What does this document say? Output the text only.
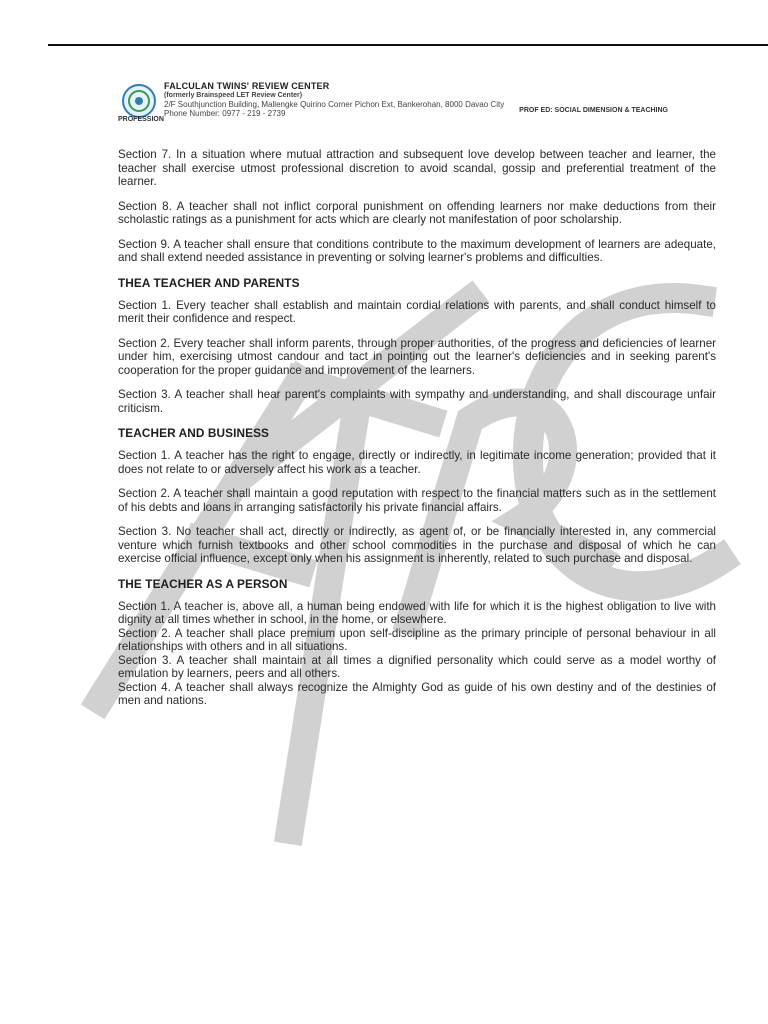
FALCULAN TWINS' REVIEW CENTER
(formerly Brainspeed LET Review Center)
2/F Southjunction Building, Mallengke Quirino Corner Pichon Ext, Bankerohan, 8000 Davao City
Phone Number: 0977 - 219 - 2739	PROF ED: SOCIAL DIMENSION & TEACHING
PROFESSION

Section 7. In a situation where mutual attraction and subsequent love develop between teacher and learner, the teacher shall exercise utmost professional discretion to avoid scandal, gossip and preferential treatment of the learner.

Section 8. A teacher shall not inflict corporal punishment on offending learners nor make deductions from their scholastic ratings as a punishment for acts which are clearly not manifestation of poor scholarship.

Section 9. A teacher shall ensure that conditions contribute to the maximum development of learners are adequate, and shall extend needed assistance in preventing or solving learner's problems and difficulties.

THEA TEACHER AND PARENTS

Section 1. Every teacher shall establish and maintain cordial relations with parents, and shall conduct himself to merit their confidence and respect.

Section 2. Every teacher shall inform parents, through proper authorities, of the progress and deficiencies of learner under him, exercising utmost candour and tact in pointing out the learner's deficiencies and in seeking parent's cooperation for the proper guidance and improvement of the learners.

Section 3. A teacher shall hear parent's complaints with sympathy and understanding, and shall discourage unfair criticism.

TEACHER AND BUSINESS

Section 1. A teacher has the right to engage, directly or indirectly, in legitimate income generation; provided that it does not relate to or adversely affect his work as a teacher.

Section 2. A teacher shall maintain a good reputation with respect to the financial matters such as in the settlement of his debts and loans in arranging satisfactorily his private financial affairs.

Section 3. No teacher shall act, directly or indirectly, as agent of, or be financially interested in, any commercial venture which furnish textbooks and other school commodities in the purchase and disposal of which he can exercise official influence, except only when his assignment is inherently, related to such purchase and disposal.

THE TEACHER AS A PERSON

Section 1. A teacher is, above all, a human being endowed with life for which it is the highest obligation to live with dignity at all times whether in school, in the home, or elsewhere.

Section 2. A teacher shall place premium upon self-discipline as the primary principle of personal behaviour in all relationships with others and in all situations.

Section 3. A teacher shall maintain at all times a dignified personality which could serve as a model worthy of emulation by learners, peers and all others.

Section 4. A teacher shall always recognize the Almighty God as guide of his own destiny and of the destinies of men and nations.
